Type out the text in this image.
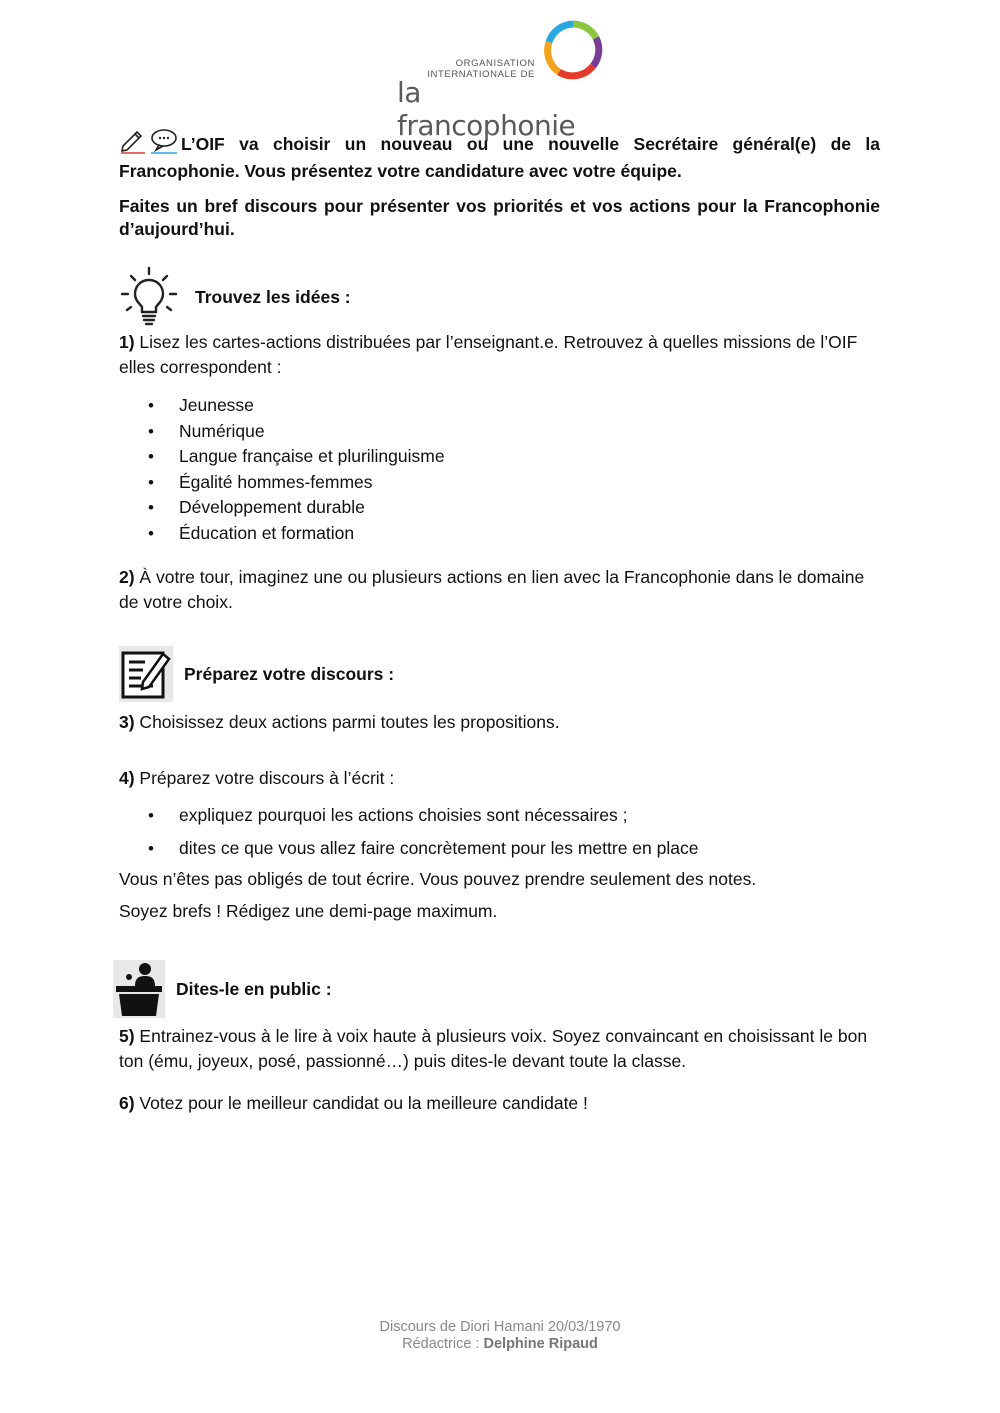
ORGANISATION
INTERNATIONALE DE
la francophonie

L’OIF va choisir un nouveau ou une nouvelle Secrétaire général(e) de la Francophonie. Vous présentez votre candidature avec votre équipe.

Faites un bref discours pour présenter vos priorités et vos actions pour la Francophonie d’aujourd’hui.

Trouvez les idées :

1) Lisez les cartes-actions distribuées par l’enseignant.e. Retrouvez à quelles missions de l’OIF elles correspondent :

• Jeunesse
• Numérique
• Langue française et plurilinguisme
• Égalité hommes-femmes
• Développement durable
• Éducation et formation

2) À votre tour, imaginez une ou plusieurs actions en lien avec la Francophonie dans le domaine de votre choix.

Préparez votre discours :

3) Choisissez deux actions parmi toutes les propositions.

4) Préparez votre discours à l’écrit :

• expliquez pourquoi les actions choisies sont nécessaires ;
• dites ce que vous allez faire concrètement pour les mettre en place

Vous n’êtes pas obligés de tout écrire. Vous pouvez prendre seulement des notes.

Soyez brefs ! Rédigez une demi-page maximum.

Dites-le en public :

5) Entrainez-vous à le lire à voix haute à plusieurs voix. Soyez convaincant en choisissant le bon ton (ému, joyeux, posé, passionné…) puis dites-le devant toute la classe.

6) Votez pour le meilleur candidat ou la meilleure candidate !

Discours de Diori Hamani 20/03/1970
Rédactrice : Delphine Ripaud
